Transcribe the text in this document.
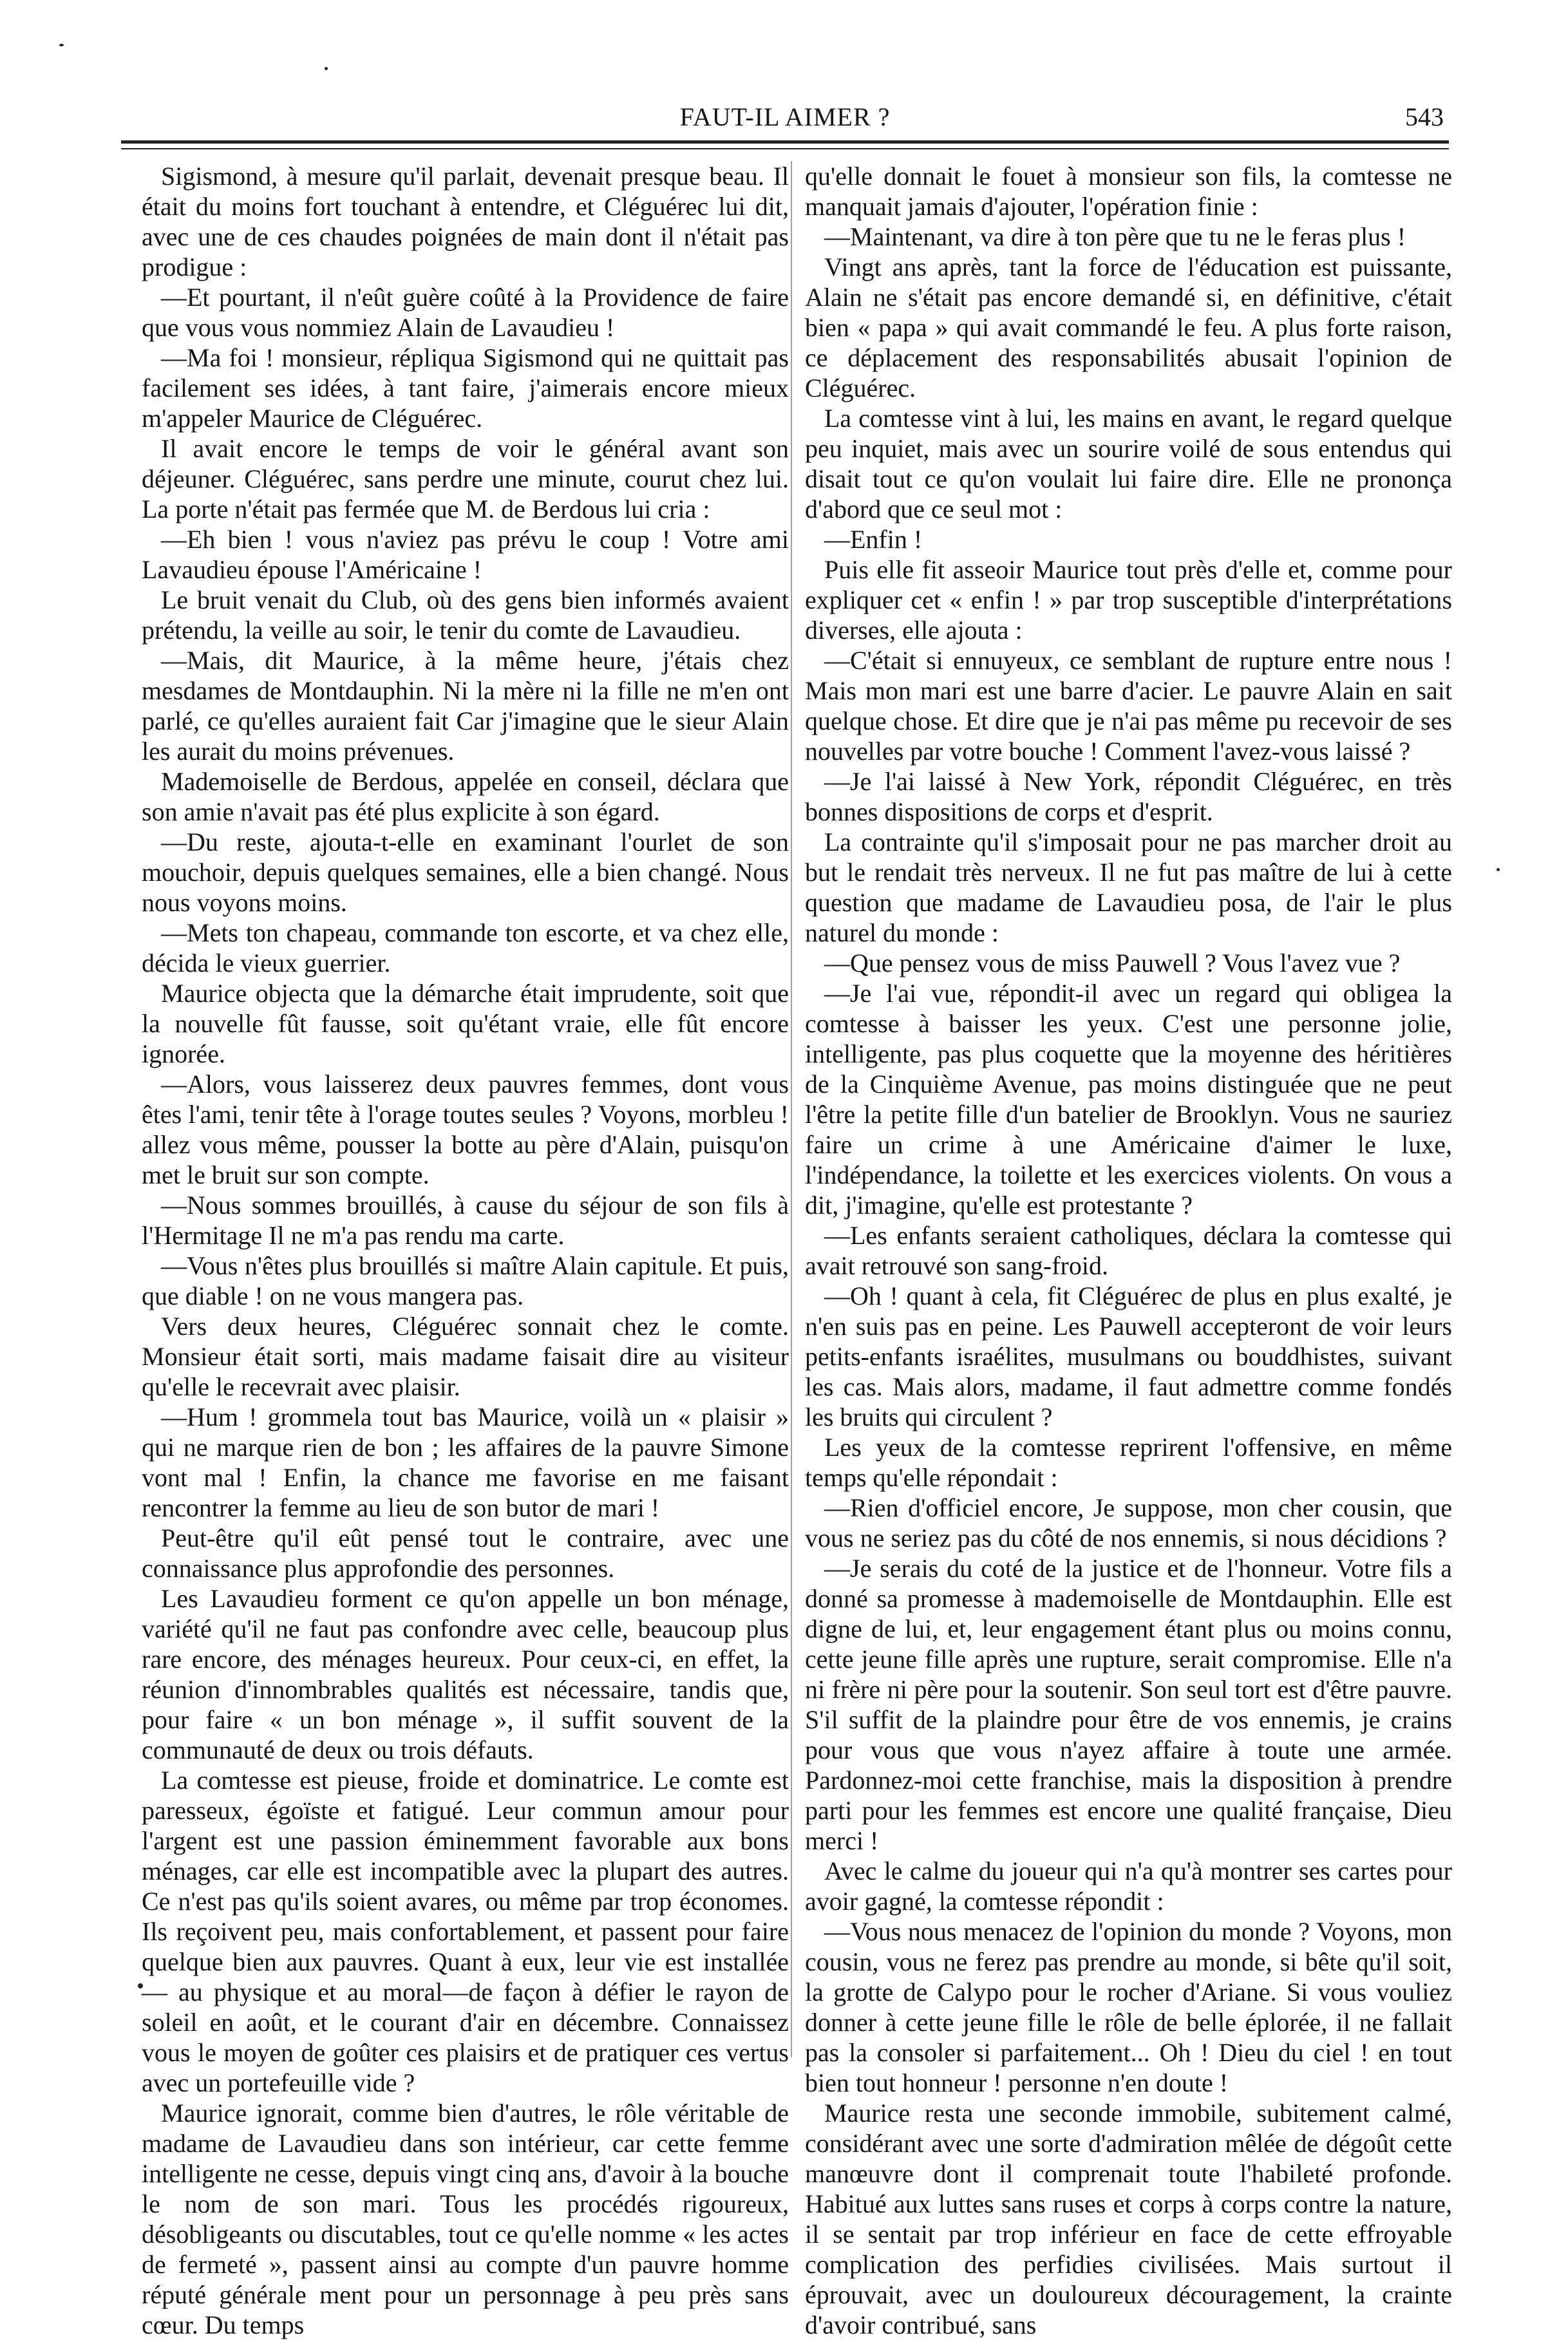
FAUT-IL AIMER ?	543

Sigismond, à mesure qu'il parlait, devenait presque beau. Il était du moins fort touchant à entendre, et Cléguérec lui dit, avec une de ces chaudes poignées de main dont il n'était pas prodigue :

—Et pourtant, il n'eût guère coûté à la Providence de faire que vous vous nommiez Alain de Lavaudieu !

—Ma foi ! monsieur, répliqua Sigismond qui ne quittait pas facilement ses idées, à tant faire, j'aimerais encore mieux m'appeler Maurice de Cléguérec.

Il avait encore le temps de voir le général avant son déjeuner. Cléguérec, sans perdre une minute, courut chez lui. La porte n'était pas fermée que M. de Berdous lui cria :

—Eh bien ! vous n'aviez pas prévu le coup ! Votre ami Lavaudieu épouse l'Américaine !

Le bruit venait du Club, où des gens bien informés avaient prétendu, la veille au soir, le tenir du comte de Lavaudieu.

—Mais, dit Maurice, à la même heure, j'étais chez mesdames de Montdauphin. Ni la mère ni la fille ne m'en ont parlé, ce qu'elles auraient fait Car j'imagine que le sieur Alain les aurait du moins prévenues.

Mademoiselle de Berdous, appelée en conseil, déclara que son amie n'avait pas été plus explicite à son égard.

—Du reste, ajouta-t-elle en examinant l'ourlet de son mouchoir, depuis quelques semaines, elle a bien changé. Nous nous voyons moins.

—Mets ton chapeau, commande ton escorte, et va chez elle, décida le vieux guerrier.

Maurice objecta que la démarche était imprudente, soit que la nouvelle fût fausse, soit qu'étant vraie, elle fût encore ignorée.

—Alors, vous laisserez deux pauvres femmes, dont vous êtes l'ami, tenir tête à l'orage toutes seules ? Voyons, morbleu ! allez vous même, pousser la botte au père d'Alain, puisqu'on met le bruit sur son compte.

—Nous sommes brouillés, à cause du séjour de son fils à l'Hermitage Il ne m'a pas rendu ma carte.

—Vous n'êtes plus brouillés si maître Alain capitule. Et puis, que diable ! on ne vous mangera pas.

Vers deux heures, Cléguérec sonnait chez le comte. Monsieur était sorti, mais madame faisait dire au visiteur qu'elle le recevrait avec plaisir.

—Hum ! grommela tout bas Maurice, voilà un « plaisir » qui ne marque rien de bon ; les affaires de la pauvre Simone vont mal ! Enfin, la chance me favorise en me faisant rencontrer la femme au lieu de son butor de mari !

Peut-être qu'il eût pensé tout le contraire, avec une connaissance plus approfondie des personnes.

Les Lavaudieu forment ce qu'on appelle un bon ménage, variété qu'il ne faut pas confondre avec celle, beaucoup plus rare encore, des ménages heureux. Pour ceux-ci, en effet, la réunion d'innombrables qualités est nécessaire, tandis que, pour faire « un bon ménage », il suffit souvent de la communauté de deux ou trois défauts.

La comtesse est pieuse, froide et dominatrice. Le comte est paresseux, égoïste et fatigué. Leur commun amour pour l'argent est une passion éminemment favorable aux bons ménages, car elle est incompatible avec la plupart des autres. Ce n'est pas qu'ils soient avares, ou même par trop économes. Ils reçoivent peu, mais confortablement, et passent pour faire quelque bien aux pauvres. Quant à eux, leur vie est installée — au physique et au moral—de façon à défier le rayon de soleil en août, et le courant d'air en décembre. Connaissez vous le moyen de goûter ces plaisirs et de pratiquer ces vertus avec un portefeuille vide ?

Maurice ignorait, comme bien d'autres, le rôle véritable de madame de Lavaudieu dans son intérieur, car cette femme intelligente ne cesse, depuis vingt cinq ans, d'avoir à la bouche le nom de son mari. Tous les procédés rigoureux, désobligeants ou discutables, tout ce qu'elle nomme « les actes de fermeté », passent ainsi au compte d'un pauvre homme réputé générale ment pour un personnage à peu près sans cœur. Du temps

qu'elle donnait le fouet à monsieur son fils, la comtesse ne manquait jamais d'ajouter, l'opération finie :

—Maintenant, va dire à ton père que tu ne le feras plus !

Vingt ans après, tant la force de l'éducation est puissante, Alain ne s'était pas encore demandé si, en définitive, c'était bien « papa » qui avait commandé le feu. A plus forte raison, ce déplacement des responsabilités abusait l'opinion de Cléguérec.

La comtesse vint à lui, les mains en avant, le regard quelque peu inquiet, mais avec un sourire voilé de sous entendus qui disait tout ce qu'on voulait lui faire dire. Elle ne prononça d'abord que ce seul mot :

—Enfin !

Puis elle fit asseoir Maurice tout près d'elle et, comme pour expliquer cet « enfin ! » par trop susceptible d'interprétations diverses, elle ajouta :

—C'était si ennuyeux, ce semblant de rupture entre nous ! Mais mon mari est une barre d'acier. Le pauvre Alain en sait quelque chose. Et dire que je n'ai pas même pu recevoir de ses nouvelles par votre bouche ! Comment l'avez-vous laissé ?

—Je l'ai laissé à New York, répondit Cléguérec, en très bonnes dispositions de corps et d'esprit.

La contrainte qu'il s'imposait pour ne pas marcher droit au but le rendait très nerveux. Il ne fut pas maître de lui à cette question que madame de Lavaudieu posa, de l'air le plus naturel du monde :

—Que pensez vous de miss Pauwell ? Vous l'avez vue ?

—Je l'ai vue, répondit-il avec un regard qui obligea la comtesse à baisser les yeux. C'est une personne jolie, intelligente, pas plus coquette que la moyenne des héritières de la Cinquième Avenue, pas moins distinguée que ne peut l'être la petite fille d'un batelier de Brooklyn. Vous ne sauriez faire un crime à une Américaine d'aimer le luxe, l'indépendance, la toilette et les exercices violents. On vous a dit, j'imagine, qu'elle est protestante ?

—Les enfants seraient catholiques, déclara la comtesse qui avait retrouvé son sang-froid.

—Oh ! quant à cela, fit Cléguérec de plus en plus exalté, je n'en suis pas en peine. Les Pauwell accepteront de voir leurs petits-enfants israélites, musulmans ou bouddhistes, suivant les cas. Mais alors, madame, il faut admettre comme fondés les bruits qui circulent ?

Les yeux de la comtesse reprirent l'offensive, en même temps qu'elle répondait :

—Rien d'officiel encore, Je suppose, mon cher cousin, que vous ne seriez pas du côté de nos ennemis, si nous décidions ?

—Je serais du coté de la justice et de l'honneur. Votre fils a donné sa promesse à mademoiselle de Montdauphin. Elle est digne de lui, et, leur engagement étant plus ou moins connu, cette jeune fille après une rupture, serait compromise. Elle n'a ni frère ni père pour la soutenir. Son seul tort est d'être pauvre. S'il suffit de la plaindre pour être de vos ennemis, je crains pour vous que vous n'ayez affaire à toute une armée. Pardonnez-moi cette franchise, mais la disposition à prendre parti pour les femmes est encore une qualité française, Dieu merci !

Avec le calme du joueur qui n'a qu'à montrer ses cartes pour avoir gagné, la comtesse répondit :

—Vous nous menacez de l'opinion du monde ? Voyons, mon cousin, vous ne ferez pas prendre au monde, si bête qu'il soit, la grotte de Calypo pour le rocher d'Ariane. Si vous vouliez donner à cette jeune fille le rôle de belle éplorée, il ne fallait pas la consoler si parfaitement... Oh ! Dieu du ciel ! en tout bien tout honneur ! personne n'en doute !

Maurice resta une seconde immobile, subitement calmé, considérant avec une sorte d'admiration mêlée de dégoût cette manœuvre dont il comprenait toute l'habileté profonde. Habitué aux luttes sans ruses et corps à corps contre la nature, il se sentait par trop inférieur en face de cette effroyable complication des perfidies civilisées. Mais surtout il éprouvait, avec un douloureux découragement, la crainte d'avoir contribué, sans
